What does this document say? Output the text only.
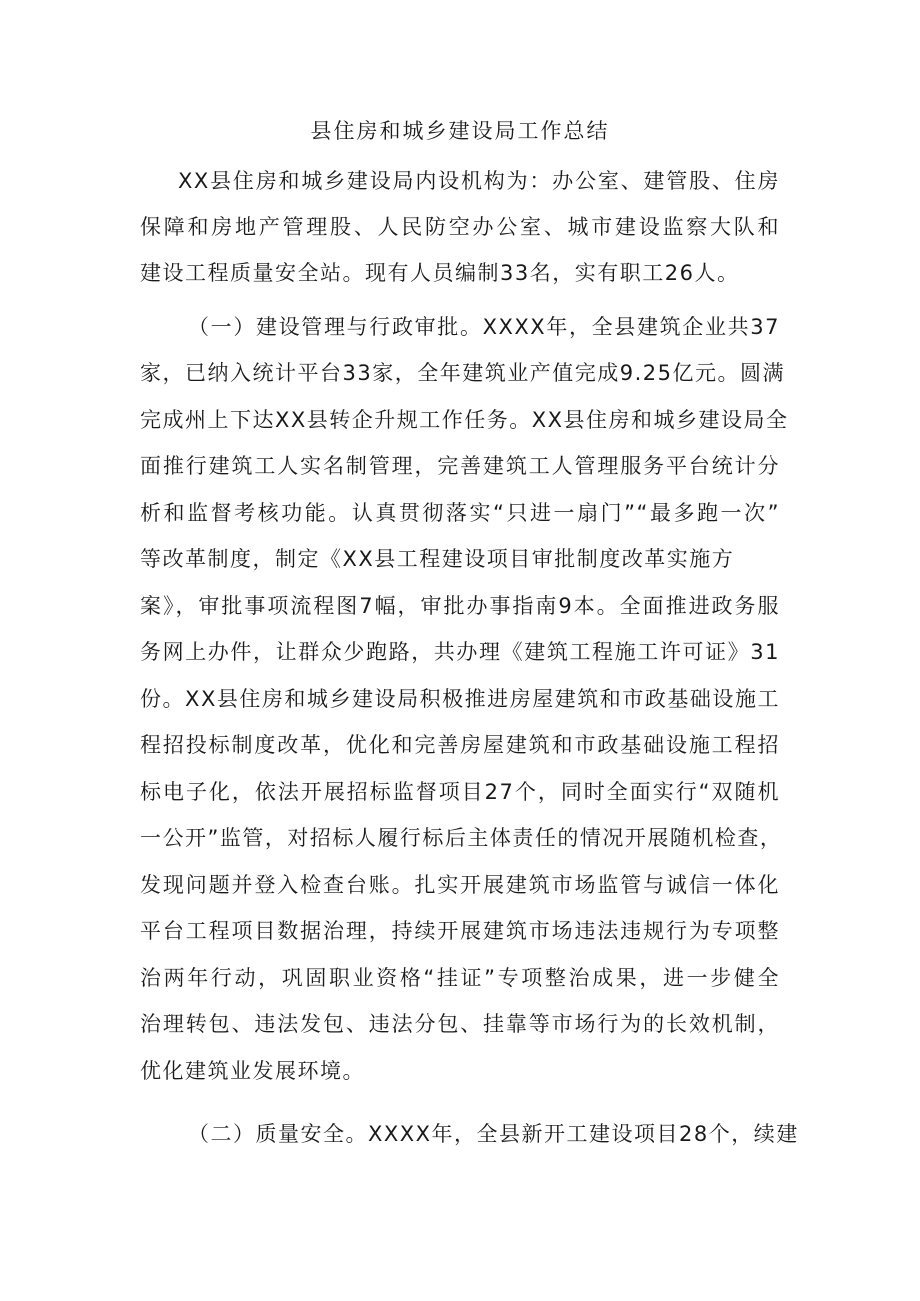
县住房和城乡建设局工作总结
XX县住房和城乡建设局内设机构为：办公室、建管股、住房
保障和房地产管理股、人民防空办公室、城市建设监察大队和
建设工程质量安全站。现有人员编制33名，实有职工26人。
（一）建设管理与行政审批。XXXX年，全县建筑企业共37
家，已纳入统计平台33家，全年建筑业产值完成9.25亿元。圆满
完成州上下达XX县转企升规工作任务。XX县住房和城乡建设局全
面推行建筑工人实名制管理，完善建筑工人管理服务平台统计分
析和监督考核功能。认真贯彻落实“只进一扇门”“最多跑一次”
等改革制度，制定《XX县工程建设项目审批制度改革实施方
案》，审批事项流程图7幅，审批办事指南9本。全面推进政务服
务网上办件，让群众少跑路，共办理《建筑工程施工许可证》31
份。XX县住房和城乡建设局积极推进房屋建筑和市政基础设施工
程招投标制度改革，优化和完善房屋建筑和市政基础设施工程招
标电子化，依法开展招标监督项目27个，同时全面实行“双随机
一公开”监管，对招标人履行标后主体责任的情况开展随机检查，
发现问题并登入检查台账。扎实开展建筑市场监管与诚信一体化
平台工程项目数据治理，持续开展建筑市场违法违规行为专项整
治两年行动，巩固职业资格“挂证”专项整治成果，进一步健全
治理转包、违法发包、违法分包、挂靠等市场行为的长效机制，
优化建筑业发展环境。
（二）质量安全。XXXX年，全县新开工建设项目28个，续建
